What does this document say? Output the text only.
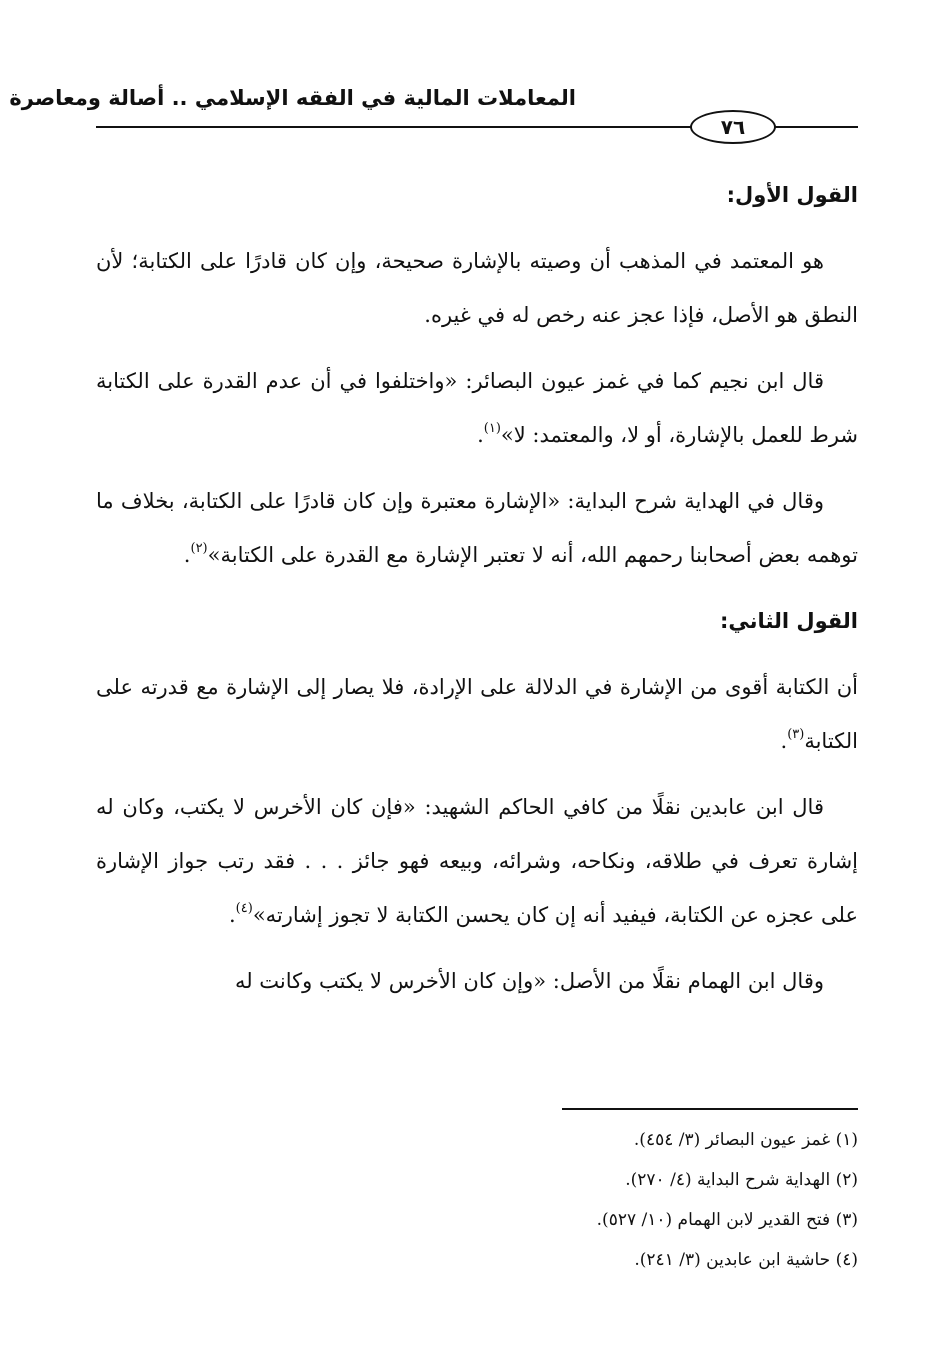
المعاملات المالية في الفقه الإسلامي .. أصالة ومعاصرة
٧٦
القول الأول:

هو المعتمد في المذهب أن وصيته بالإشارة صحيحة، وإن كان قادرًا على الكتابة؛ لأن النطق هو الأصل، فإذا عجز عنه رخص له في غيره.

قال ابن نجيم كما في غمز عيون البصائر: «واختلفوا في أن عدم القدرة على الكتابة شرط للعمل بالإشارة، أو لا، والمعتمد: لا»$^{(١)}$.

وقال في الهداية شرح البداية: «الإشارة معتبرة وإن كان قادرًا على الكتابة، بخلاف ما توهمه بعض أصحابنا رحمهم الله، أنه لا تعتبر الإشارة مع القدرة على الكتابة»$^{(٢)}$.

القول الثاني:

أن الكتابة أقوى من الإشارة في الدلالة على الإرادة، فلا يصار إلى الإشارة مع قدرته على الكتابة$^{(٣)}$.

قال ابن عابدين نقلًا من كافي الحاكم الشهيد: «فإن كان الأخرس لا يكتب، وكان له إشارة تعرف في طلاقه، ونكاحه، وشرائه، وبيعه فهو جائز . . . فقد رتب جواز الإشارة على عجزه عن الكتابة، فيفيد أنه إن كان يحسن الكتابة لا تجوز إشارته»$^{(٤)}$.

وقال ابن الهمام نقلًا من الأصل: «وإن كان الأخرس لا يكتب وكانت له

(١) غمز عيون البصائر (٣/ ٤٥٤).
(٢) الهداية شرح البداية (٤/ ٢٧٠).
(٣) فتح القدير لابن الهمام (١٠/ ٥٢٧).
(٤) حاشية ابن عابدين (٣/ ٢٤١).
